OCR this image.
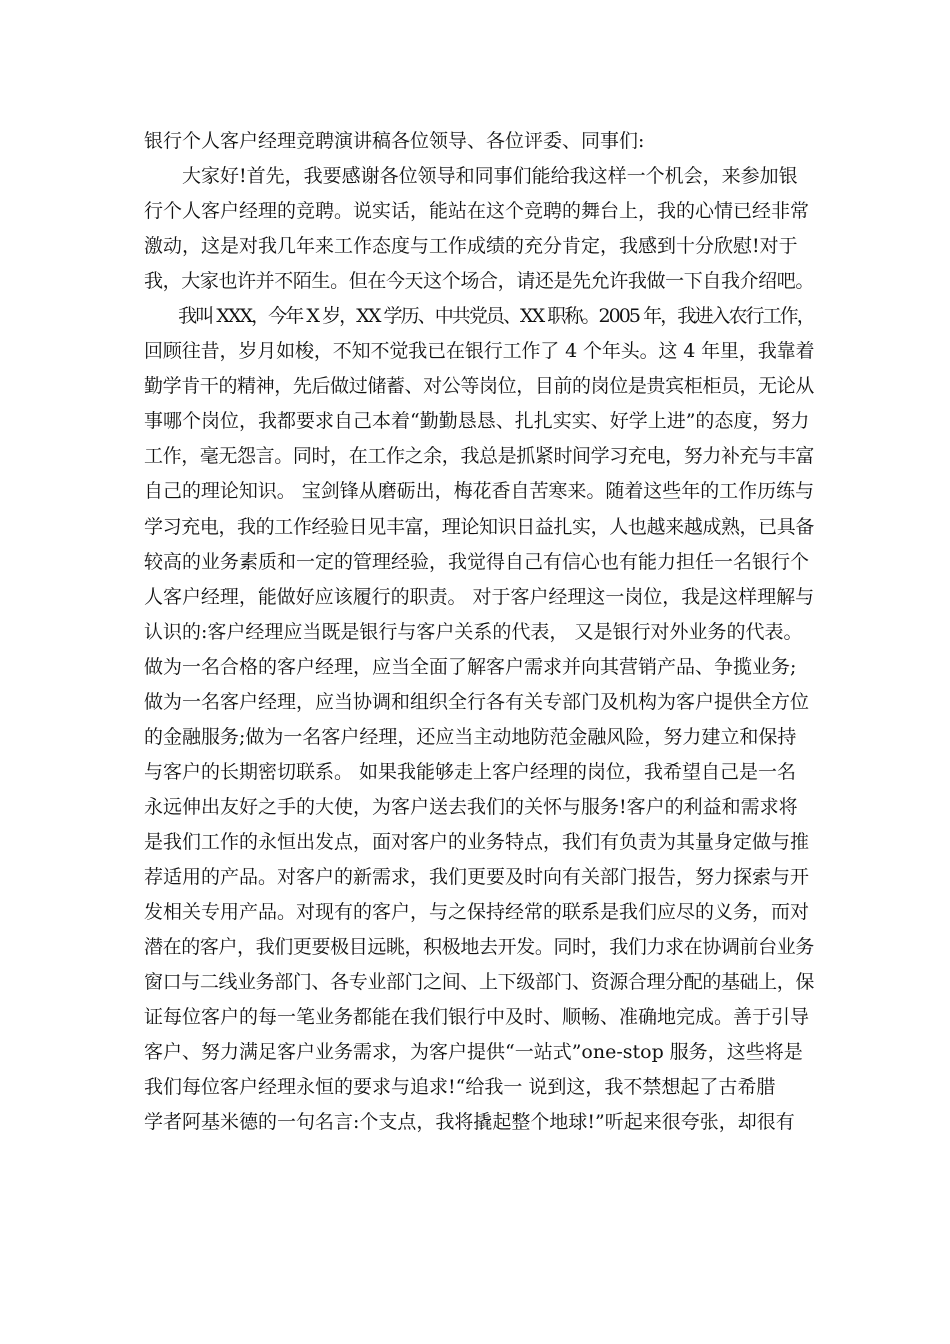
银行个人客户经理竞聘演讲稿各位领导、各位评委、同事们:
　　大家好!首先，我要感谢各位领导和同事们能给我这样一个机会，来参加银
行个人客户经理的竞聘。说实话，能站在这个竞聘的舞台上，我的心情已经非常
激动，这是对我几年来工作态度与工作成绩的充分肯定，我感到十分欣慰!对于
我，大家也许并不陌生。但在今天这个场合，请还是先允许我做一下自我介绍吧。
　　我叫 XXX，今年 X 岁，XX 学历、中共党员、XX 职称。2005 年，我进入农行工作，
回顾往昔，岁月如梭，不知不觉我已在银行工作了 4 个年头。这 4 年里，我靠着
勤学肯干的精神，先后做过储蓄、对公等岗位，目前的岗位是贵宾柜柜员，无论从
事哪个岗位，我都要求自己本着“勤勤恳恳、扎扎实实、好学上进”的态度，努力
工作，毫无怨言。同时，在工作之余，我总是抓紧时间学习充电，努力补充与丰富
自己的理论知识。 宝剑锋从磨砺出，梅花香自苦寒来。随着这些年的工作历练与
学习充电，我的工作经验日见丰富，理论知识日益扎实，人也越来越成熟，已具备
较高的业务素质和一定的管理经验，我觉得自己有信心也有能力担任一名银行个
人客户经理，能做好应该履行的职责。 对于客户经理这一岗位，我是这样理解与
认识的:客户经理应当既是银行与客户关系的代表， 又是银行对外业务的代表。
做为一名合格的客户经理，应当全面了解客户需求并向其营销产品、争揽业务;
做为一名客户经理，应当协调和组织全行各有关专部门及机构为客户提供全方位
的金融服务;做为一名客户经理，还应当主动地防范金融风险，努力建立和保持
与客户的长期密切联系。 如果我能够走上客户经理的岗位，我希望自己是一名
永远伸出友好之手的大使，为客户送去我们的关怀与服务!客户的利益和需求将
是我们工作的永恒出发点，面对客户的业务特点，我们有负责为其量身定做与推
荐适用的产品。对客户的新需求，我们更要及时向有关部门报告，努力探索与开
发相关专用产品。对现有的客户，与之保持经常的联系是我们应尽的义务，而对
潜在的客户，我们更要极目远眺，积极地去开发。同时，我们力求在协调前台业务
窗口与二线业务部门、各专业部门之间、上下级部门、资源合理分配的基础上，保
证每位客户的每一笔业务都能在我们银行中及时、顺畅、准确地完成。善于引导
客户、努力满足客户业务需求，为客户提供“一站式”one-stop 服务，这些将是
我们每位客户经理永恒的要求与追求!“给我一 说到这，我不禁想起了古希腊
学者阿基米德的一句名言:个支点，我将撬起整个地球!”听起来很夸张，却很有
